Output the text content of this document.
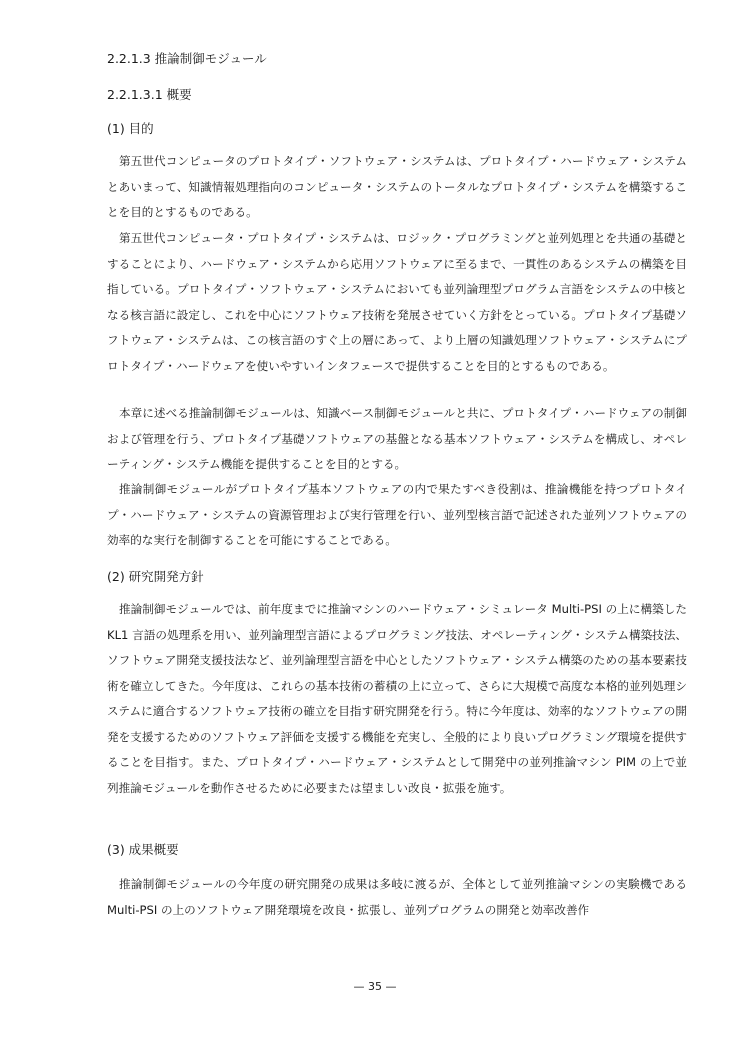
2.2.1.3 推論制御モジュール
2.2.1.3.1 概要
(1) 目的
第五世代コンピュータのプロトタイプ・ソフトウェア・システムは、プロトタイプ・ハードウェア・システムとあいまって、知識情報処理指向のコンピュータ・システムのトータルなプロトタイプ・システムを構築することを目的とするものである。
第五世代コンピュータ・プロトタイプ・システムは、ロジック・プログラミングと並列処理とを共通の基礎とすることにより、ハードウェア・システムから応用ソフトウェアに至るまで、一貫性のあるシステムの構築を目指している。プロトタイプ・ソフトウェア・システムにおいても並列論理型プログラム言語をシステムの中核となる核言語に設定し、これを中心にソフトウェア技術を発展させていく方針をとっている。プロトタイプ基礎ソフトウェア・システムは、この核言語のすぐ上の層にあって、より上層の知識処理ソフトウェア・システムにプロトタイプ・ハードウェアを使いやすいインタフェースで提供することを目的とするものである。
本章に述べる推論制御モジュールは、知識ベース制御モジュールと共に、プロトタイプ・ハードウェアの制御および管理を行う、プロトタイプ基礎ソフトウェアの基盤となる基本ソフトウェア・システムを構成し、オペレーティング・システム機能を提供することを目的とする。
推論制御モジュールがプロトタイプ基本ソフトウェアの内で果たすべき役割は、推論機能を持つプロトタイプ・ハードウェア・システムの資源管理および実行管理を行い、並列型核言語で記述された並列ソフトウェアの効率的な実行を制御することを可能にすることである。
(2) 研究開発方針
推論制御モジュールでは、前年度までに推論マシンのハードウェア・シミュレータ Multi-PSI の上に構築した KL1 言語の処理系を用い、並列論理型言語によるプログラミング技法、オペレーティング・システム構築技法、ソフトウェア開発支援技法など、並列論理型言語を中心としたソフトウェア・システム構築のための基本要素技術を確立してきた。今年度は、これらの基本技術の蓄積の上に立って、さらに大規模で高度な本格的並列処理システムに適合するソフトウェア技術の確立を目指す研究開発を行う。特に今年度は、効率的なソフトウェアの開発を支援するためのソフトウェア評価を支援する機能を充実し、全般的により良いプログラミング環境を提供することを目指す。また、プロトタイプ・ハードウェア・システムとして開発中の並列推論マシン PIM の上で並列推論モジュールを動作させるために必要または望ましい改良・拡張を施す。
(3) 成果概要
推論制御モジュールの今年度の研究開発の成果は多岐に渡るが、全体として並列推論マシンの実験機である Multi-PSI の上のソフトウェア開発環境を改良・拡張し、並列プログラムの開発と効率改善作
— 35 —
